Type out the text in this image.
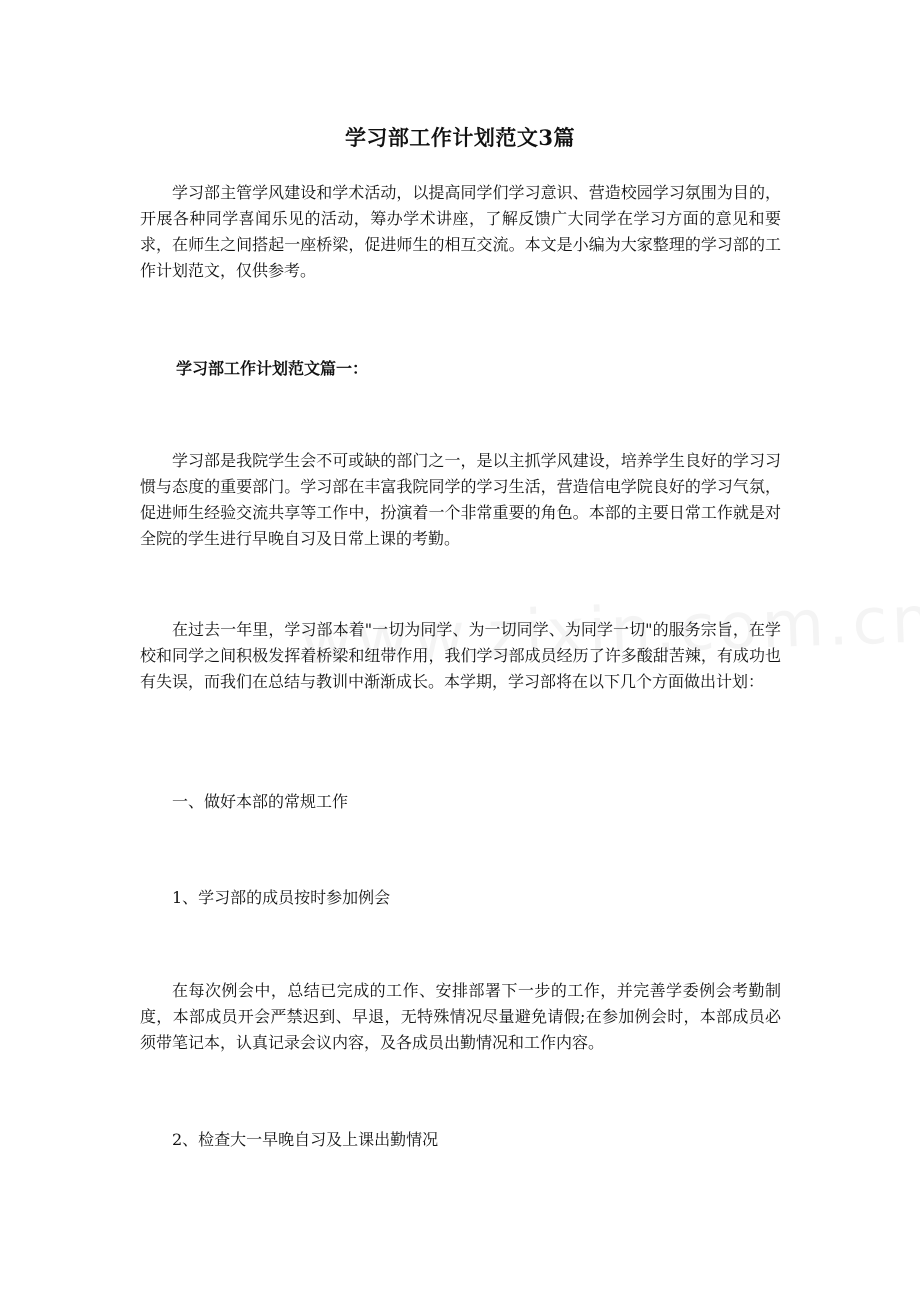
学习部工作计划范文3篇
学习部主管学风建设和学术活动，以提高同学们学习意识、营造校园学习氛围为目的，开展各种同学喜闻乐见的活动，筹办学术讲座，了解反馈广大同学在学习方面的意见和要求，在师生之间搭起一座桥梁，促进师生的相互交流。本文是小编为大家整理的学习部的工作计划范文，仅供参考。
学习部工作计划范文篇一：
学习部是我院学生会不可或缺的部门之一，是以主抓学风建设，培养学生良好的学习习惯与态度的重要部门。学习部在丰富我院同学的学习生活，营造信电学院良好的学习气氛，促进师生经验交流共享等工作中，扮演着一个非常重要的角色。本部的主要日常工作就是对全院的学生进行早晚自习及日常上课的考勤。
在过去一年里，学习部本着"一切为同学、为一切同学、为同学一切"的服务宗旨，在学校和同学之间积极发挥着桥梁和纽带作用，我们学习部成员经历了许多酸甜苦辣，有成功也有失误，而我们在总结与教训中渐渐成长。本学期，学习部将在以下几个方面做出计划：
一、做好本部的常规工作
1、学习部的成员按时参加例会
在每次例会中，总结已完成的工作、安排部署下一步的工作，并完善学委例会考勤制度，本部成员开会严禁迟到、早退，无特殊情况尽量避免请假;在参加例会时，本部成员必须带笔记本，认真记录会议内容，及各成员出勤情况和工作内容。
2、检查大一早晚自习及上课出勤情况
